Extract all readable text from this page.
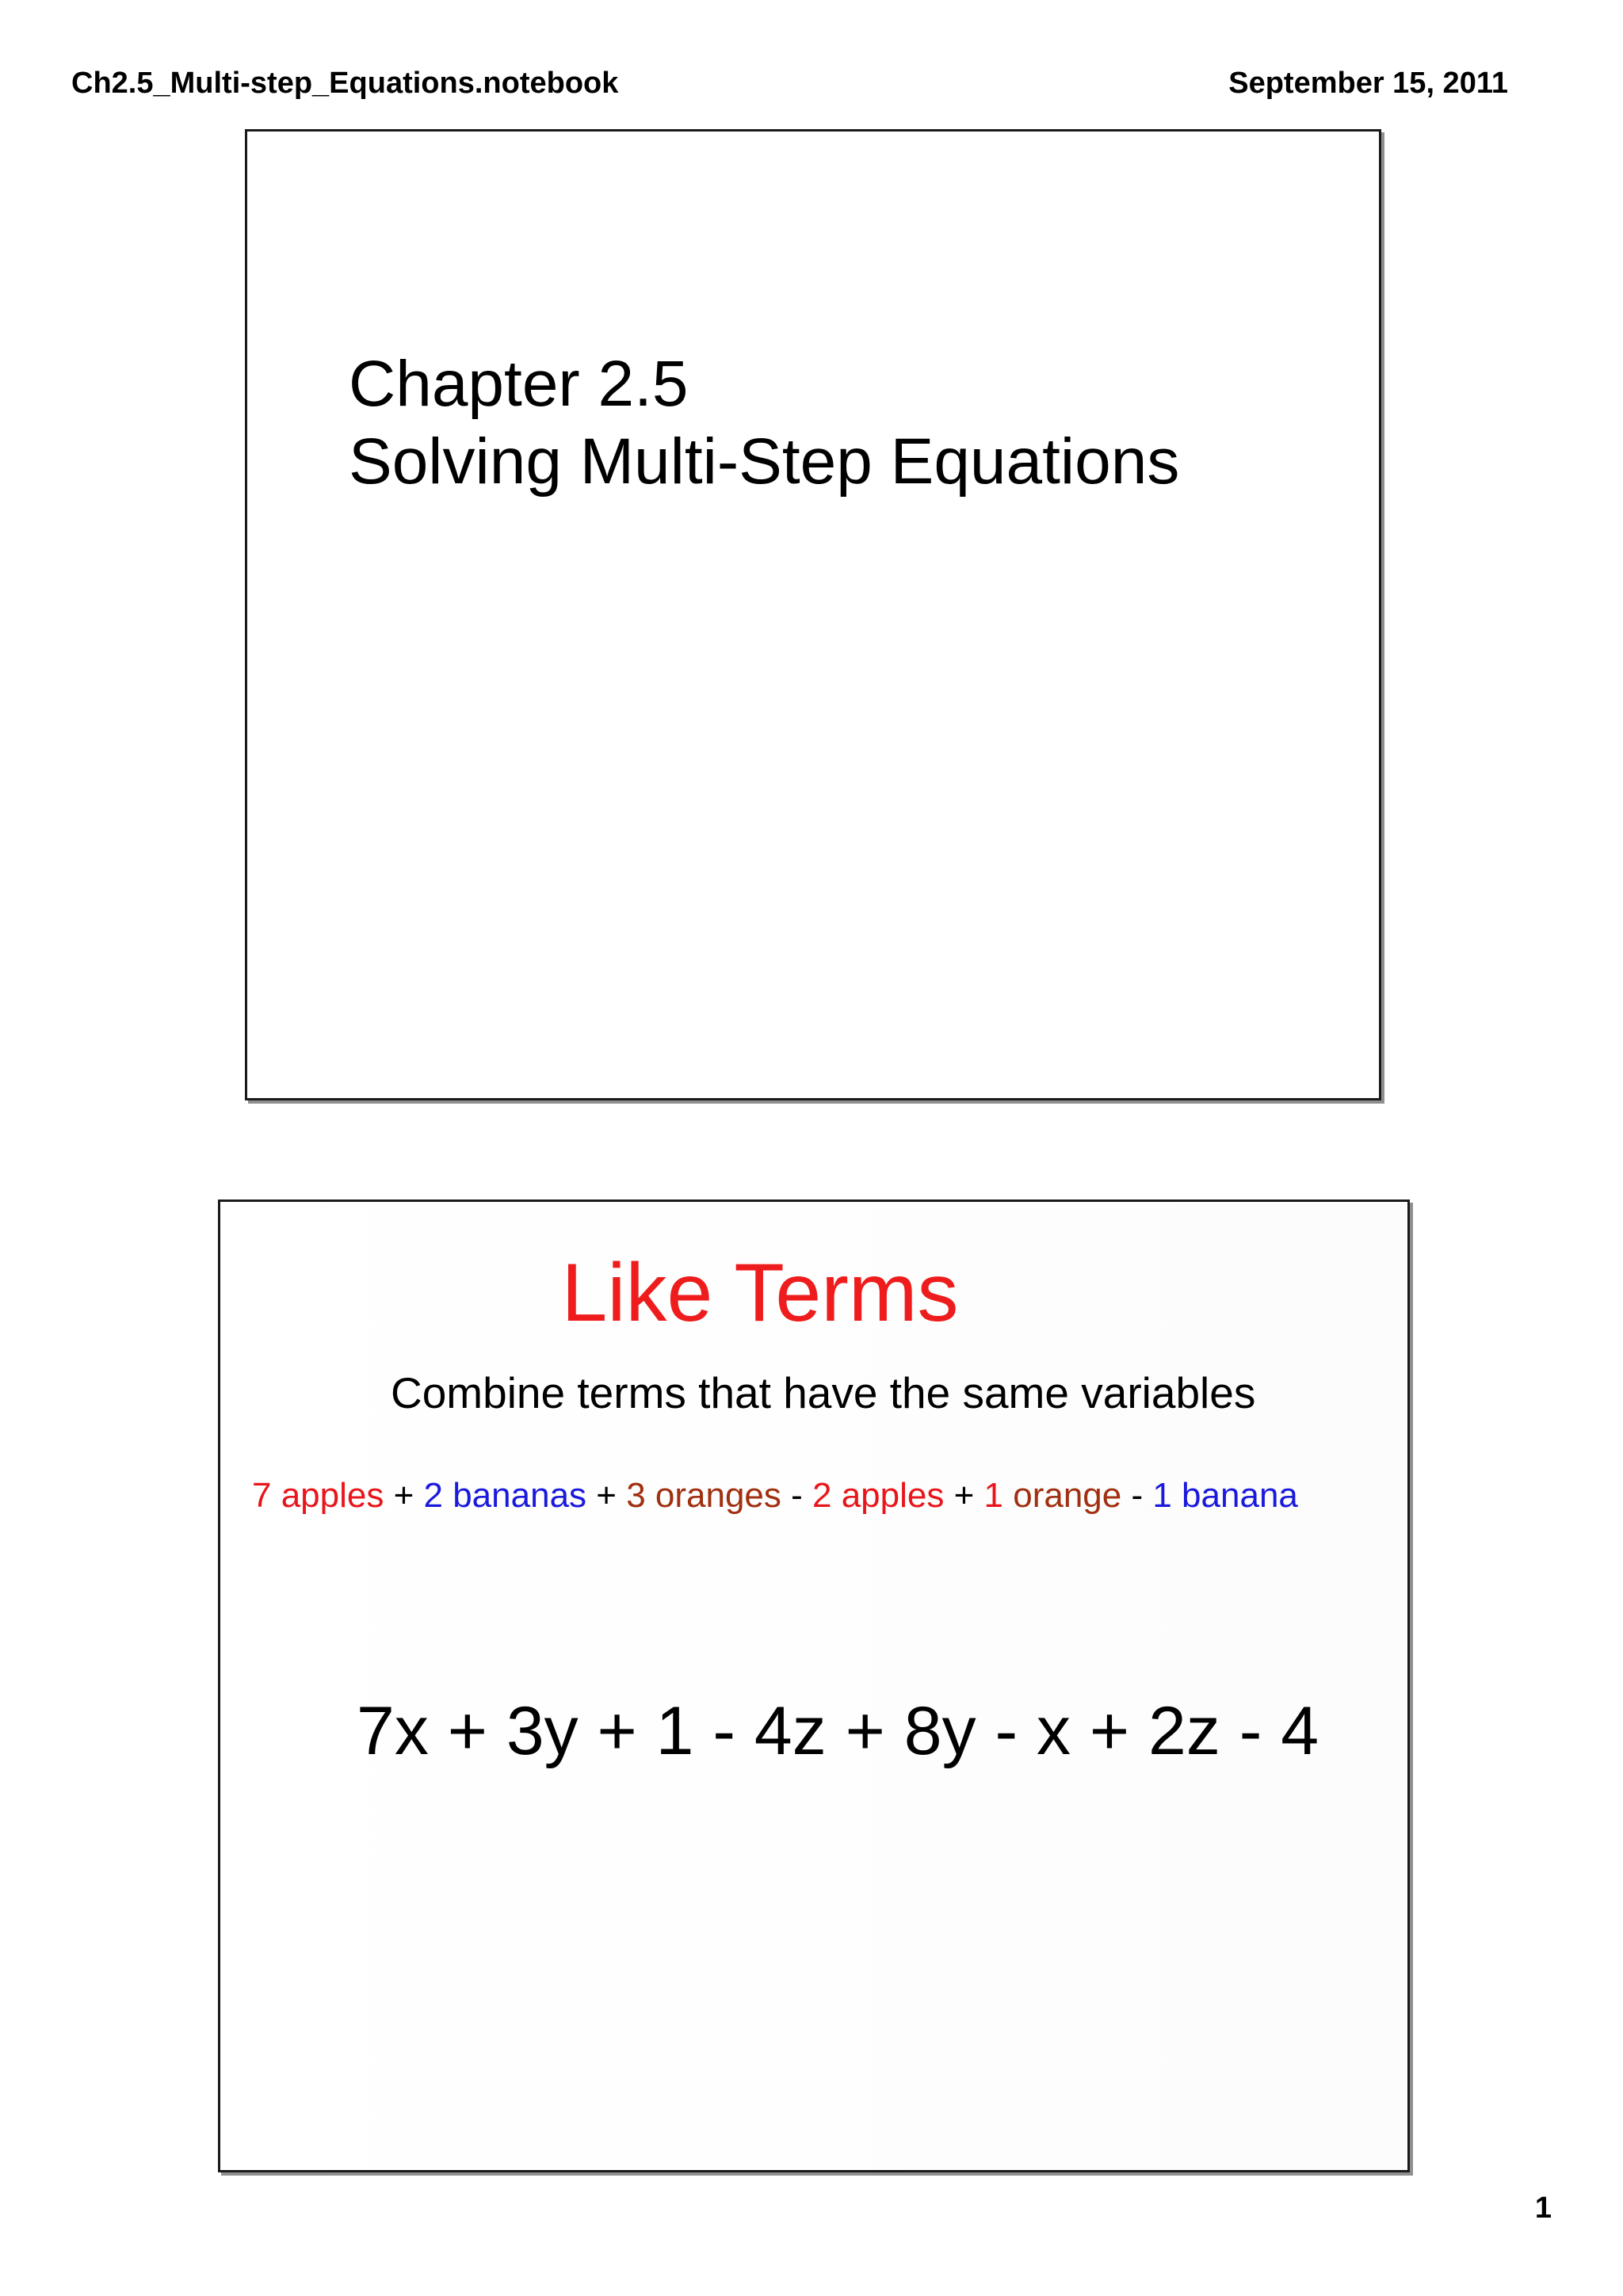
Ch2.5_Multi-step_Equations.notebook	September 15, 2011
Chapter 2.5
Solving Multi-Step Equations
Like Terms
Combine terms that have the same variables
7 apples + 2 bananas + 3 oranges - 2 apples + 1 orange - 1 banana
7x + 3y + 1 - 4z + 8y - x + 2z - 4
1
